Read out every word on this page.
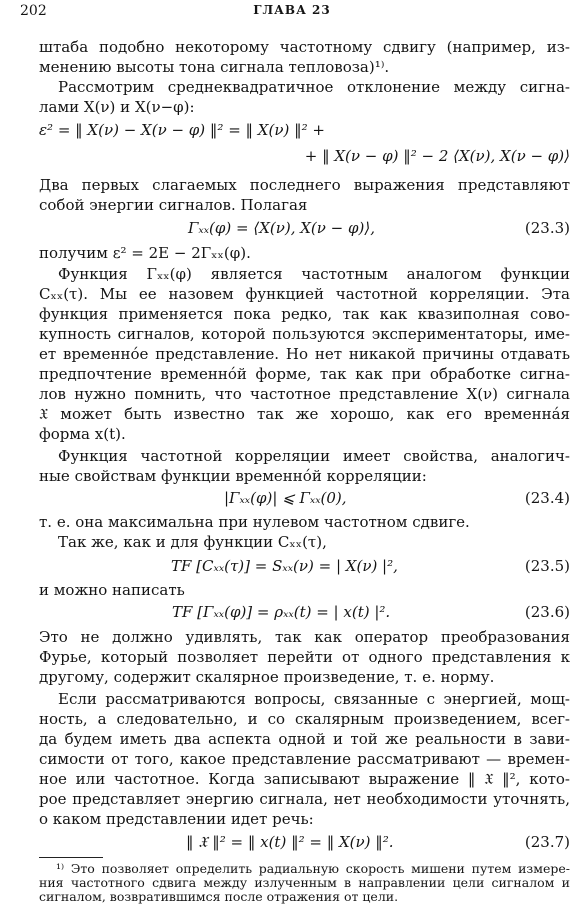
202	ГЛАВА 23
штаба подобно некоторому частотному сдвигу (например, из-
менению высоты тона сигнала тепловоза)¹⁾.
Рассмотрим среднеквадратичное отклонение между сигна-
лами X(ν) и X(ν−φ):
ε² = ‖ X(ν) − X(ν − φ) ‖² = ‖ X(ν) ‖² +
+ ‖ X(ν − φ) ‖² − 2 ⟨X(ν), X(ν − φ)⟩
Два первых слагаемых последнего выражения представляют
собой энергии сигналов. Полагая
Γₓₓ(φ) = ⟨X(ν), X(ν − φ)⟩,	(23.3)
получим ε² = 2E − 2Γₓₓ(φ).
Функция Γₓₓ(φ) является частотным аналогом функции
Cₓₓ(τ). Мы ее назовем функцией частотной корреляции. Эта
функция применяется пока редко, так как квазиполная сово-
купность сигналов, которой пользуются экспериментаторы, име-
ет временнóе представление. Но нет никакой причины отдавать
предпочтение временнóй форме, так как при обработке сигна-
лов нужно помнить, что частотное представление X(ν) сигнала
𝔛 может быть известно так же хорошо, как его временнáя
форма x(t).
Функция частотной корреляции имеет свойства, аналогич-
ные свойствам функции временнóй корреляции:
|Γₓₓ(φ)| ⩽ Γₓₓ(0),	(23.4)
т. е. она максимальна при нулевом частотном сдвиге.
Так же, как и для функции Cₓₓ(τ),
TF [Cₓₓ(τ)] = Sₓₓ(ν) = | X(ν) |²,	(23.5)
и можно написать
TF [Γₓₓ(φ)] = ρₓₓ(t) = | x(t) |².	(23.6)
Это не должно удивлять, так как оператор преобразования
Фурье, который позволяет перейти от одного представления к
другому, содержит скалярное произведение, т. е. норму.
Если рассматриваются вопросы, связанные с энергией, мощ-
ность, а следовательно, и со скалярным произведением, всег-
да будем иметь два аспекта одной и той же реальности в зави-
симости от того, какое представление рассматривают — времен-
ное или частотное. Когда записывают выражение ‖ 𝔛 ‖², кото-
рое представляет энергию сигнала, нет необходимости уточнять,
о каком представлении идет речь:
‖ 𝔛 ‖² = ‖ x(t) ‖² = ‖ X(ν) ‖².	(23.7)
¹⁾ Это позволяет определить радиальную скорость мишени путем измере-
ния частотного сдвига между излученным в направлении цели сигналом и
сигналом, возвратившимся после отражения от цели.
